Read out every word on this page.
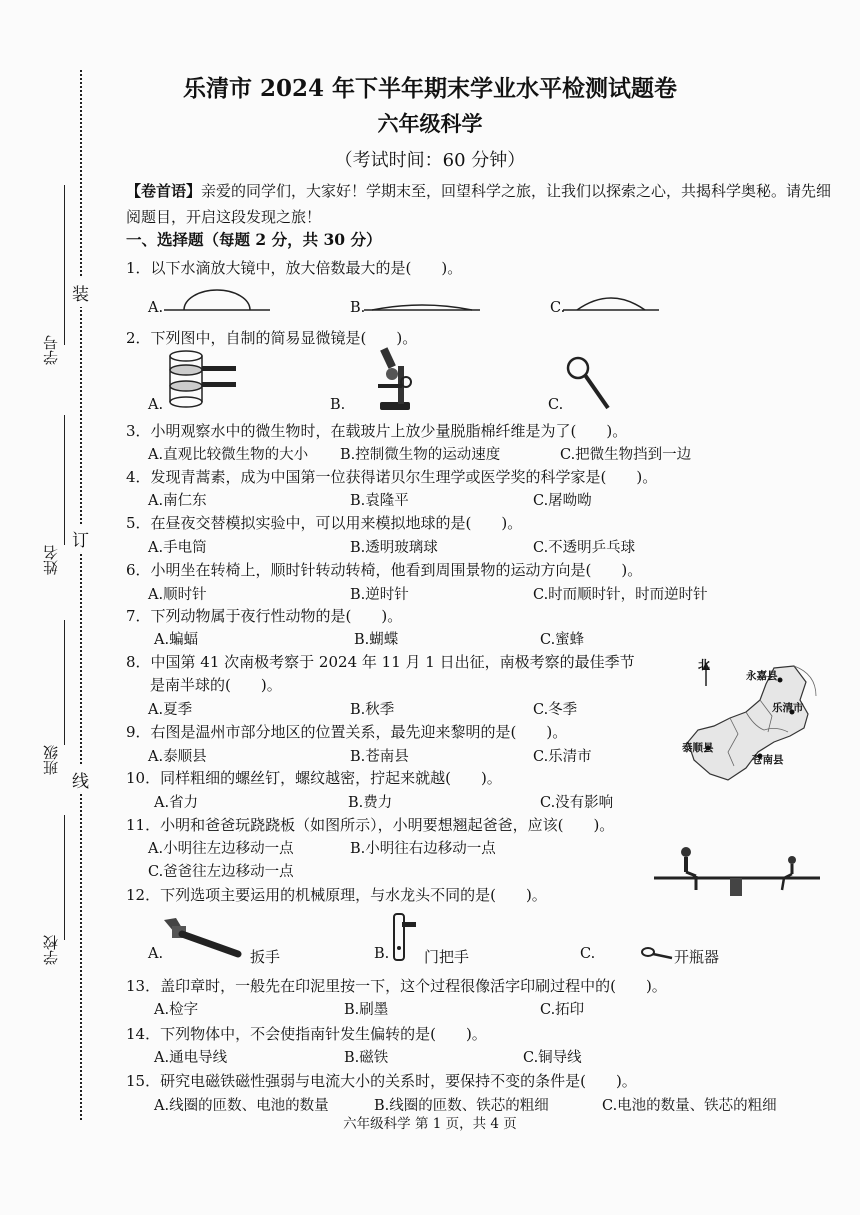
学号
姓名
班级
学校
装
订
线
乐清市 2024 年下半年期末学业水平检测试题卷
六年级科学
（考试时间：60 分钟）
【卷首语】亲爱的同学们，大家好！学期末至，回望科学之旅，让我们以探索之心，共揭科学奥秘。请先细阅题目，开启这段发现之旅！
一、选择题（每题 2 分，共 30 分）
1．以下水滴放大镜中，放大倍数最大的是(　　)。
A.	B.	C.
2．下列图中，自制的简易显微镜是(　　)。
A.	B.	C.
3．小明观察水中的微生物时，在载玻片上放少量脱脂棉纤维是为了(　　)。
A.直观比较微生物的大小 B.控制微生物的运动速度	C.把微生物挡到一边
4．发现青蒿素，成为中国第一位获得诺贝尔生理学或医学奖的科学家是(　　)。
A.南仁东	B.袁隆平	C.屠呦呦
5．在昼夜交替模拟实验中，可以用来模拟地球的是(　　)。
A.手电筒	B.透明玻璃球	C.不透明乒乓球
6．小明坐在转椅上，顺时针转动转椅，他看到周围景物的运动方向是(　　)。
A.顺时针	B.逆时针	C.时而顺时针，时而逆时针
7．下列动物属于夜行性动物的是(　　)。
A.蝙蝠	B.蝴蝶	C.蜜蜂
8．中国第 41 次南极考察于 2024 年 11 月 1 日出征，南极考察的最佳季节
是南半球的(　　)。
A.夏季	B.秋季	C.冬季
北
永嘉县
乐清市
泰顺县
苍南县
9．右图是温州市部分地区的位置关系，最先迎来黎明的是(　　)。
A.泰顺县	B.苍南县	C.乐清市
10．同样粗细的螺丝钉，螺纹越密，拧起来就越(　　)。
A.省力	B.费力	C.没有影响
11．小明和爸爸玩跷跷板（如图所示），小明要想翘起爸爸，应该(　　)。
A.小明往左边移动一点	B.小明往右边移动一点
C.爸爸往左边移动一点
12．下列选项主要运用的机械原理，与水龙头不同的是(　　)。
A.	B.	C.
扳手	门把手	开瓶器
13．盖印章时，一般先在印泥里按一下，这个过程很像活字印刷过程中的(　　)。
A.检字	B.刷墨	C.拓印
14．下列物体中，不会使指南针发生偏转的是(　　)。
A.通电导线	B.磁铁	C.铜导线
15．研究电磁铁磁性强弱与电流大小的关系时，要保持不变的条件是(　　)。
A.线圈的匝数、电池的数量	B.线圈的匝数、铁芯的粗细	C.电池的数量、铁芯的粗细
六年级科学 第 1 页，共 4 页
